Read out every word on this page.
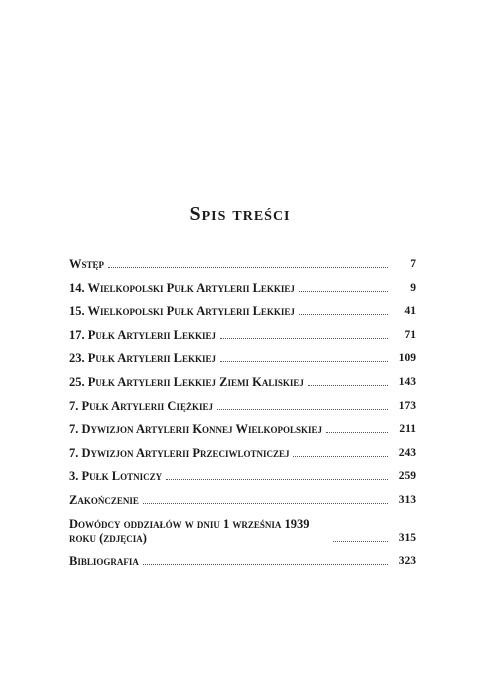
Spis treści
Wstęp	7
14. Wielkopolski Pułk Artylerii Lekkiej	9
15. Wielkopolski Pułk Artylerii Lekkiej	41
17. Pułk Artylerii Lekkiej	71
23. Pułk Artylerii Lekkiej	109
25. Pułk Artylerii Lekkiej Ziemi Kaliskiej	143
7. Pułk Artylerii Ciężkiej	173
7. Dywizjon Artylerii Konnej Wielkopolskiej	211
7. Dywizjon Artylerii Przeciwlotniczej	243
3. Pułk Lotniczy	259
Zakończenie	313
Dowódcy oddziałów w dniu 1 września 1939 roku (zdjęcia)	315
Bibliografia	323
